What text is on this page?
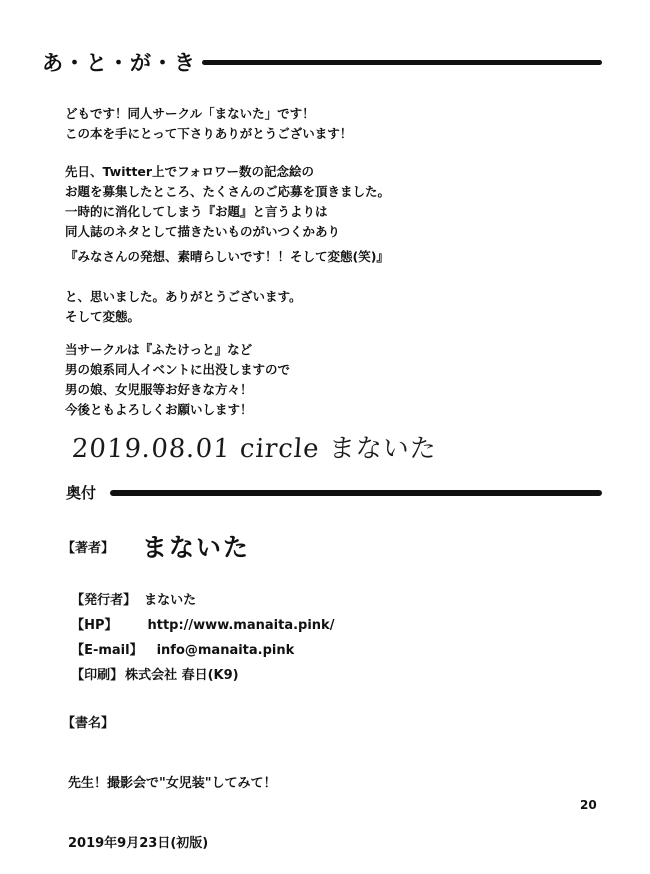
あ・と・が・き
どもです！同人サークル「まないた」です！
この本を手にとって下さりありがとうございます！
先日、Twitter上でフォロワー数の記念絵の
お題を募集したところ、たくさんのご応募を頂きました。
一時的に消化してしまう『お題』と言うよりは
同人誌のネタとして描きたいものがいつくかあり
『みなさんの発想、素晴らしいです！！そして変態(笑)』
と、思いました。ありがとうございます。
そして変態。
当サークルは『ふたけっと』など
男の娘系同人イベントに出没しますので
男の娘、女児服等お好きな方々！
今後ともよろしくお願いします！
2019.08.01 circle まないた
奥付
【著者】 まないた

【発行者】 まないた

【HP】 http://www.manaita.pink/

【E-mail】 info@manaita.pink

【印刷】 株式会社 春日(K9)

【書名】

先生！撮影会で"女児装"してみて！

2019年9月23日(初版)

20
